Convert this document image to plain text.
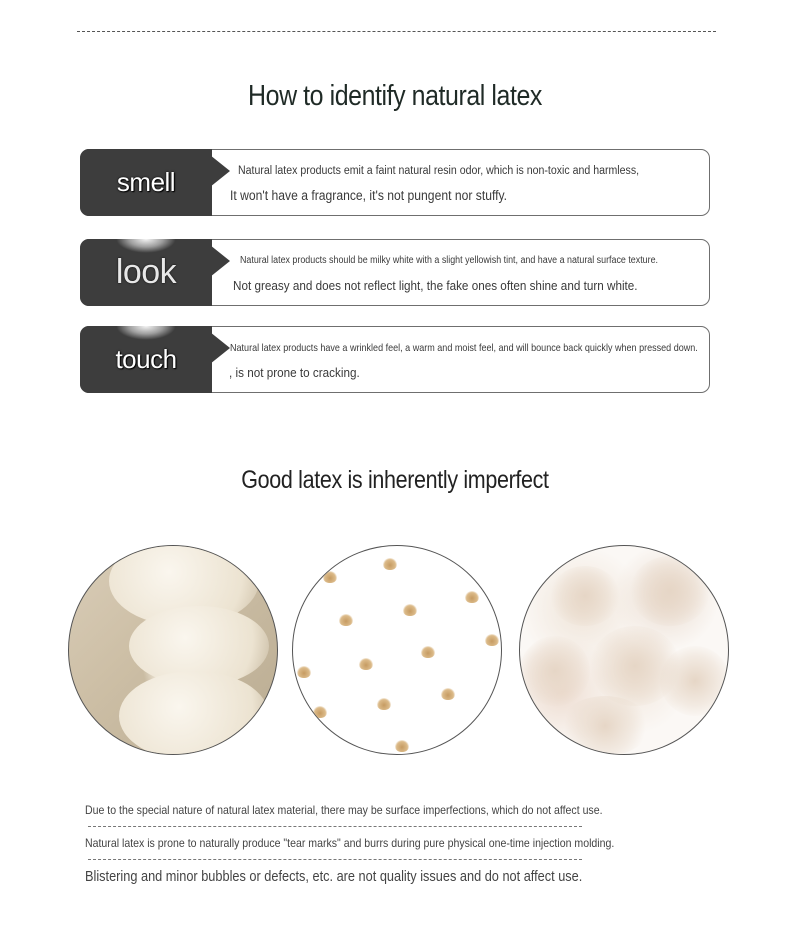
How to identify natural latex
smell	Natural latex products emit a faint natural resin odor, which is non-toxic and harmless,
It won't have a fragrance, it's not pungent nor stuffy.
look	Natural latex products should be milky white with a slight yellowish tint, and have a natural surface texture.
Not greasy and does not reflect light, the fake ones often shine and turn white.
touch	Natural latex products have a wrinkled feel, a warm and moist feel, and will bounce back quickly when pressed down.
, is not prone to cracking.
Good latex is inherently imperfect
Due to the special nature of natural latex material, there may be surface imperfections, which do not affect use.
Natural latex is prone to naturally produce "tear marks" and burrs during pure physical one-time injection molding.
Blistering and minor bubbles or defects, etc. are not quality issues and do not affect use.
